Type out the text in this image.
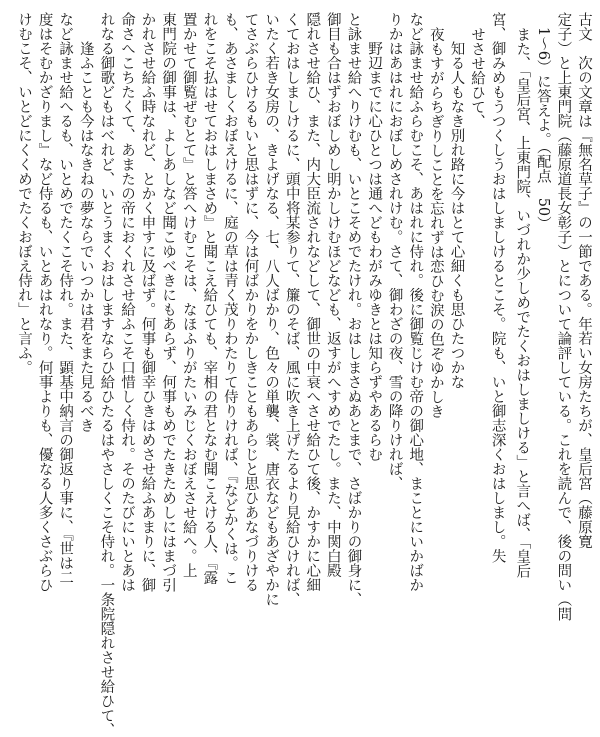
古文　次の文章は『無名草子』の一節である。年若い女房たちが、皇后宮（藤原寛
定子）と上東門院（藤原道長女彰子）とについて論評している。これを読んで、後の問い（問
1〜6）に答えよ。（配点　50）
また、「皇后宮、上東門院、いづれか少しめでたくおはしましける」と言へば、「皇后
宮、御みめもうつくしうおはしましけるとこそ。院も、いと御志深くおはしまし。失
せさせ給ひて、
知る人もなき別れ路に今はとて心細くも思ひたつかな
夜もすがらちぎりしことを忘れずは恋ひむ涙の色ぞゆかしき
など詠ませ給ふらむこそ、あはれに侍れ。後に御覧じけむ帝の御心地、まことにいかばか
りかはあはれにおぼしめされけむ。さて、御わざの夜、雪の降りければ、
野辺までに心ひとつは通へどもわがみゆきとは知らずやあるらむ
と詠ませ給へりけむも、いとこそめでたけれ。おはしまさぬあとまで、さばかりの御身に、
御目も合はずおぼしめし明かしけむほどなども、返すがへすめでたし。また、中関白殿
隠れさせ給ひ、また、内大臣流されなどして、御世の中衰へさせ給ひて後、かすかに心細
くておはしましけるに、頭中将某参りて、簾のそば、風に吹き上げたるより見給ひければ、
いたく若き女房の、きよげなる、七、八人ばかり、色々の単襲、裳、唐衣などもあざやかに
てさぶらひけるもいと思はずに、今は何ばかりをかしきこともあらじと思ひあなづりける
も、あさましくおぼえけるに、庭の草は青く茂りわたりて侍りければ、『などかくは。こ
れをこそ払はせておはしまさめ』と聞こえ給ひても、宰相の君となむ聞こえける人、『露
置かせて御覧ぜむとて』と答へけむこそは、なほふりがたいみじくおぼえさせ給へ。上
東門院の御事は、よしあしなど聞こゆべきにもあらず、何事もめでたきためしにはまづ引
かれさせ給ふ時なれど、とかく申すに及ばず。何事も御幸ひきはめさせ給ふあまりに、御
命さへこちたくて、あまたの帝におくれさせ給ふこそ口惜しく侍れ。そのたびにいとあは
れなる御歌どもはべれど、いとうまくおはしますならひ給ひたるはやさしくこそ侍れ。一条院隠れさせ給ひて、
逢ふことも今はなきねの夢ならでいつかは君をまた見るべき
など詠ませ給へるも、いとめでたくこそ侍れ。また、顕基中納言の御返り事に、『世は二
度はそむかざりまし』など侍るも、いとあはれなり。何事よりも、優なる人多くさぶらひ
けむこそ、いとどにくくめでたくおぼえ侍れ」と言ふ。
